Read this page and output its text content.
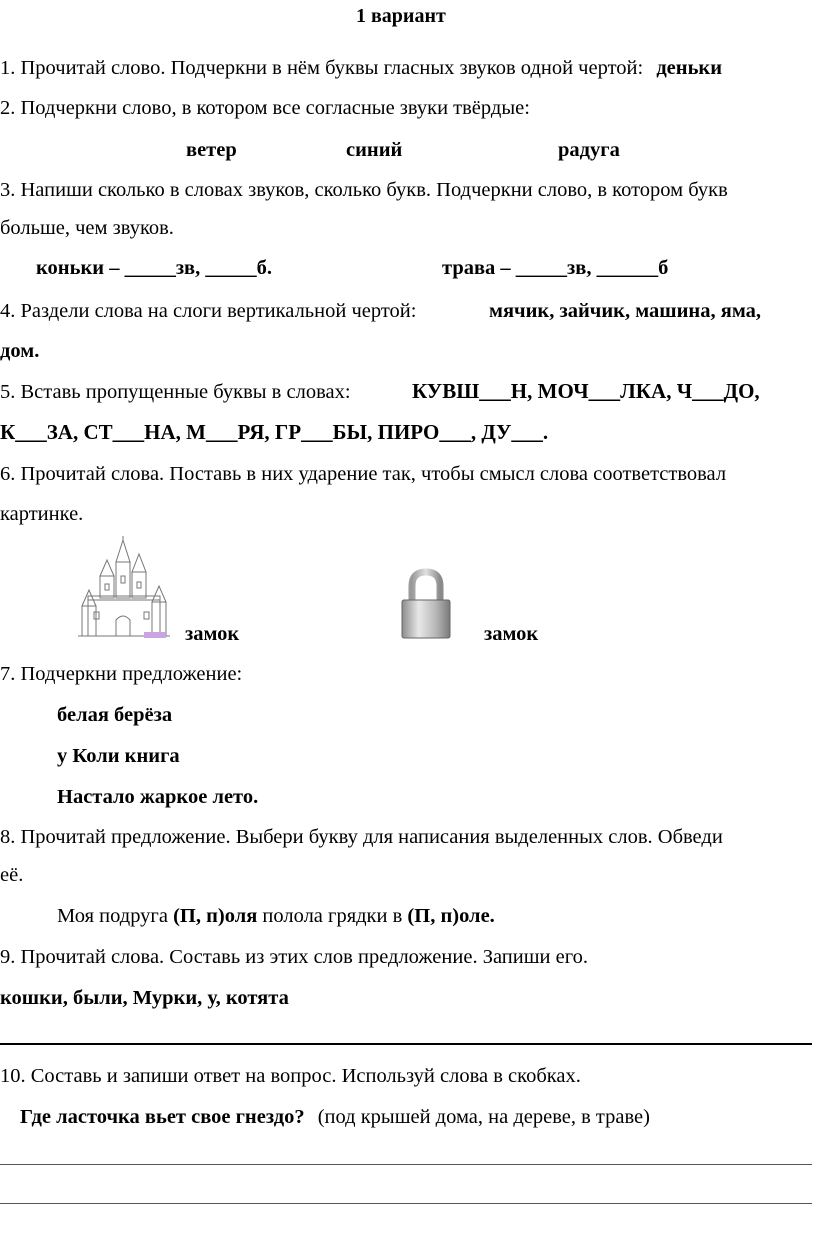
1 вариант
1. Прочитай слово. Подчеркни в нём буквы гласных звуков одной чертой: деньки
2. Подчеркни слово, в котором все согласные звуки твёрдые:
ветер	синий	радуга
3. Напиши сколько в словах звуков, сколько букв. Подчеркни слово, в котором букв
больше, чем звуков.
коньки – _____зв, _____б.	трава – _____зв, ______б
4. Раздели слова на слоги вертикальной чертой:	мячик, зайчик, машина, яма,
дом.
5. Вставь пропущенные буквы в словах:	КУВШ___Н, МОЧ___ЛКА, Ч___ДО,
К___ЗА, СТ___НА, М___РЯ, ГР___БЫ, ПИРО___, ДУ___.
6. Прочитай слова. Поставь в них ударение так, чтобы смысл слова соответствовал
картинке.
замок	замок
7. Подчеркни предложение:
белая берёза
у Коли книга
Настало жаркое лето.
8. Прочитай предложение. Выбери букву для написания выделенных слов. Обведи
её.
Моя подруга (П, п)оля полола грядки в (П, п)оле.
9. Прочитай слова. Составь из этих слов предложение. Запиши его.
кошки, были, Мурки, у, котята
10. Составь и запиши ответ на вопрос. Используй слова в скобках.
Где ласточка вьет свое гнездо? (под крышей дома, на дереве, в траве)
